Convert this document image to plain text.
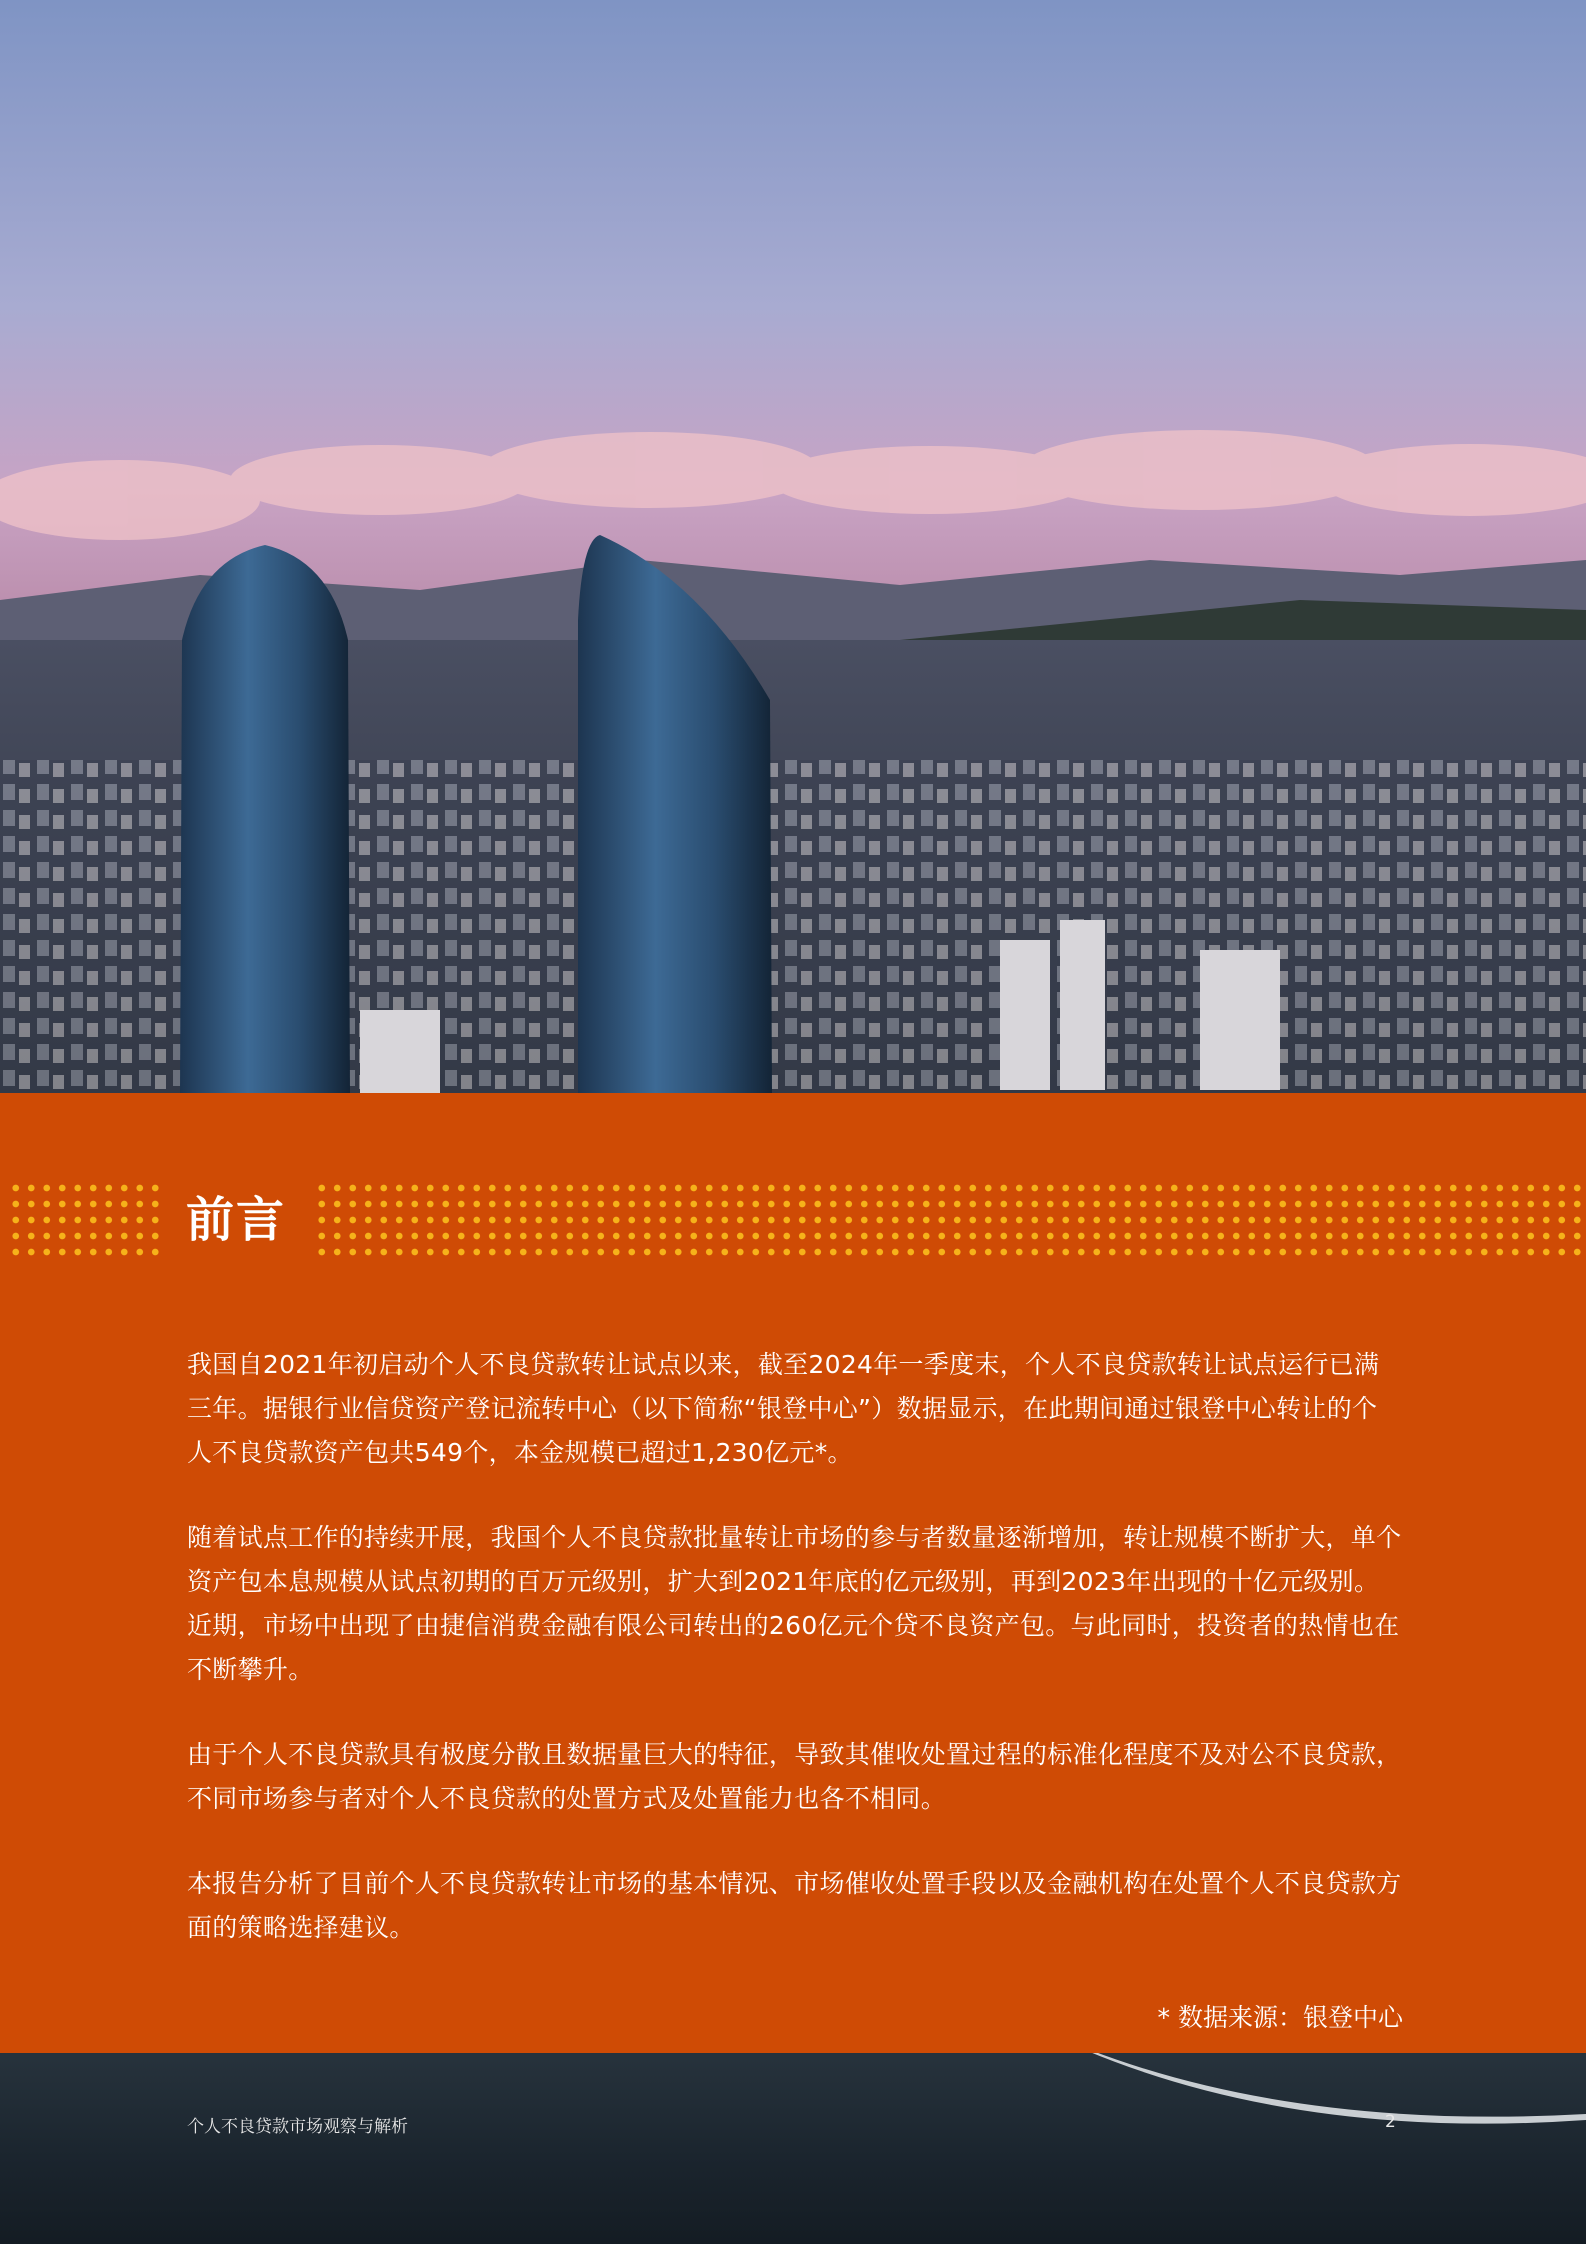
前言

我国自2021年初启动个人不良贷款转让试点以来，截至2024年一季度末，个人不良贷款转让试点运行已满三年。据银行业信贷资产登记流转中心（以下简称“银登中心”）数据显示，在此期间通过银登中心转让的个人不良贷款资产包共549个，本金规模已超过1,230亿元*。

随着试点工作的持续开展，我国个人不良贷款批量转让市场的参与者数量逐渐增加，转让规模不断扩大，单个资产包本息规模从试点初期的百万元级别，扩大到2021年底的亿元级别，再到2023年出现的十亿元级别。近期，市场中出现了由捷信消费金融有限公司转出的260亿元个贷不良资产包。与此同时，投资者的热情也在不断攀升。

由于个人不良贷款具有极度分散且数据量巨大的特征，导致其催收处置过程的标准化程度不及对公不良贷款，不同市场参与者对个人不良贷款的处置方式及处置能力也各不相同。

本报告分析了目前个人不良贷款转让市场的基本情况、市场催收处置手段以及金融机构在处置个人不良贷款方面的策略选择建议。

* 数据来源：银登中心
个人不良贷款市场观察与解析	2
